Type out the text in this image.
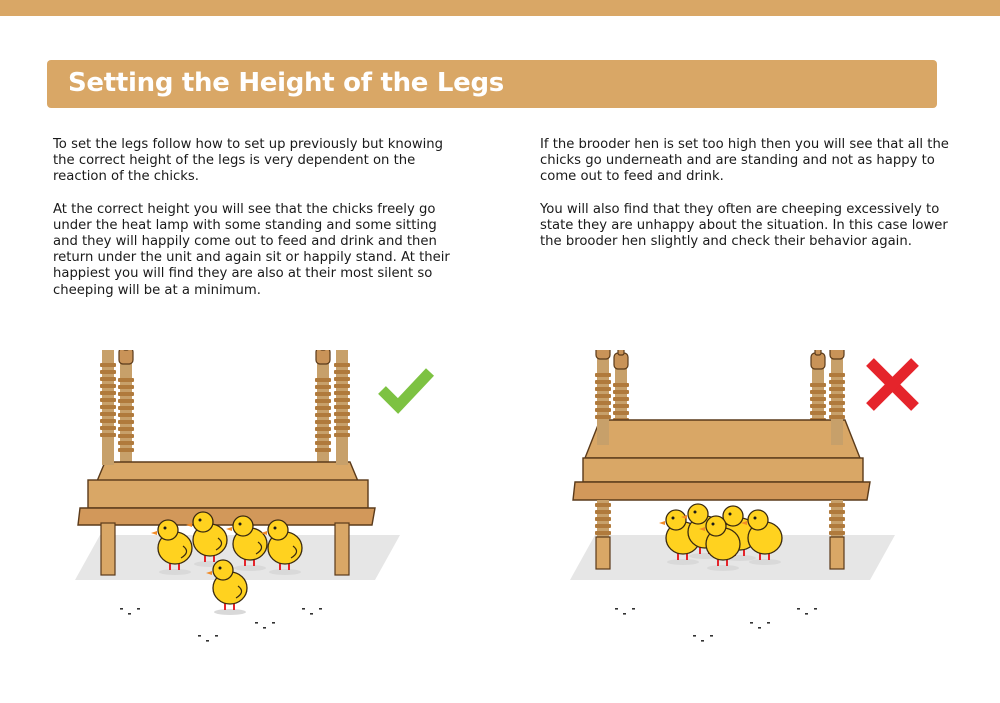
Setting the Height of the Legs

To set the legs follow how to set up previously but knowing the correct height of the legs is very dependent on the reaction of the chicks.

At the correct height you will see that the chicks freely go under the heat lamp with some standing and some sitting and they will happily come out to feed and drink and then return under the unit and again sit or happily stand. At their happiest you will find they are also at their most silent so cheeping will be at a minimum.

If the brooder hen is set too high then you will see that all the chicks go underneath and are standing and not as happy to come out to feed and drink.

You will also find that they often are cheeping excessively to state they are unhappy about the situation. In this case lower the brooder hen slightly and check their behavior again.
